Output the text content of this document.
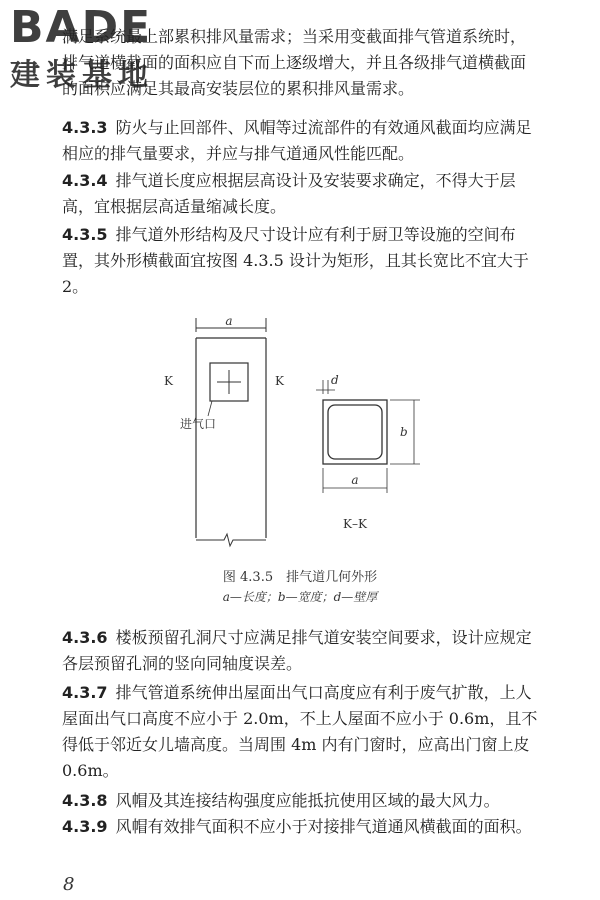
BADE
建装基地

满足系统最上部累积排风量需求；当采用变截面排气管道系统时，排气道横截面的面积应自下而上逐级增大，并且各级排气道横截面的面积应满足其最高安装层位的累积排风量需求。

4.3.3 防火与止回部件、风帽等过流部件的有效通风截面均应满足相应的排气量要求，并应与排气道通风性能匹配。

4.3.4 排气道长度应根据层高设计及安装要求确定，不得大于层高，宜根据层高适量缩减长度。

4.3.5 排气道外形结构及尺寸设计应有利于厨卫等设施的空间布置，其外形横截面宜按图 4.3.5 设计为矩形，且其长宽比不宜大于 2。

a
进气口
K	K	d
b
a
K–K
图 4.3.5　排气道几何外形
a—长度；b—宽度；d—壁厚

4.3.6 楼板预留孔洞尺寸应满足排气道安装空间要求，设计应规定各层预留孔洞的竖向同轴度误差。

4.3.7 排气管道系统伸出屋面出气口高度应有利于废气扩散，上人屋面出气口高度不应小于 2.0m，不上人屋面不应小于 0.6m，且不得低于邻近女儿墙高度。当周围 4m 内有门窗时，应高出门窗上皮 0.6m。

4.3.8 风帽及其连接结构强度应能抵抗使用区域的最大风力。

4.3.9 风帽有效排气面积不应小于对接排气道通风横截面的面积。

8
